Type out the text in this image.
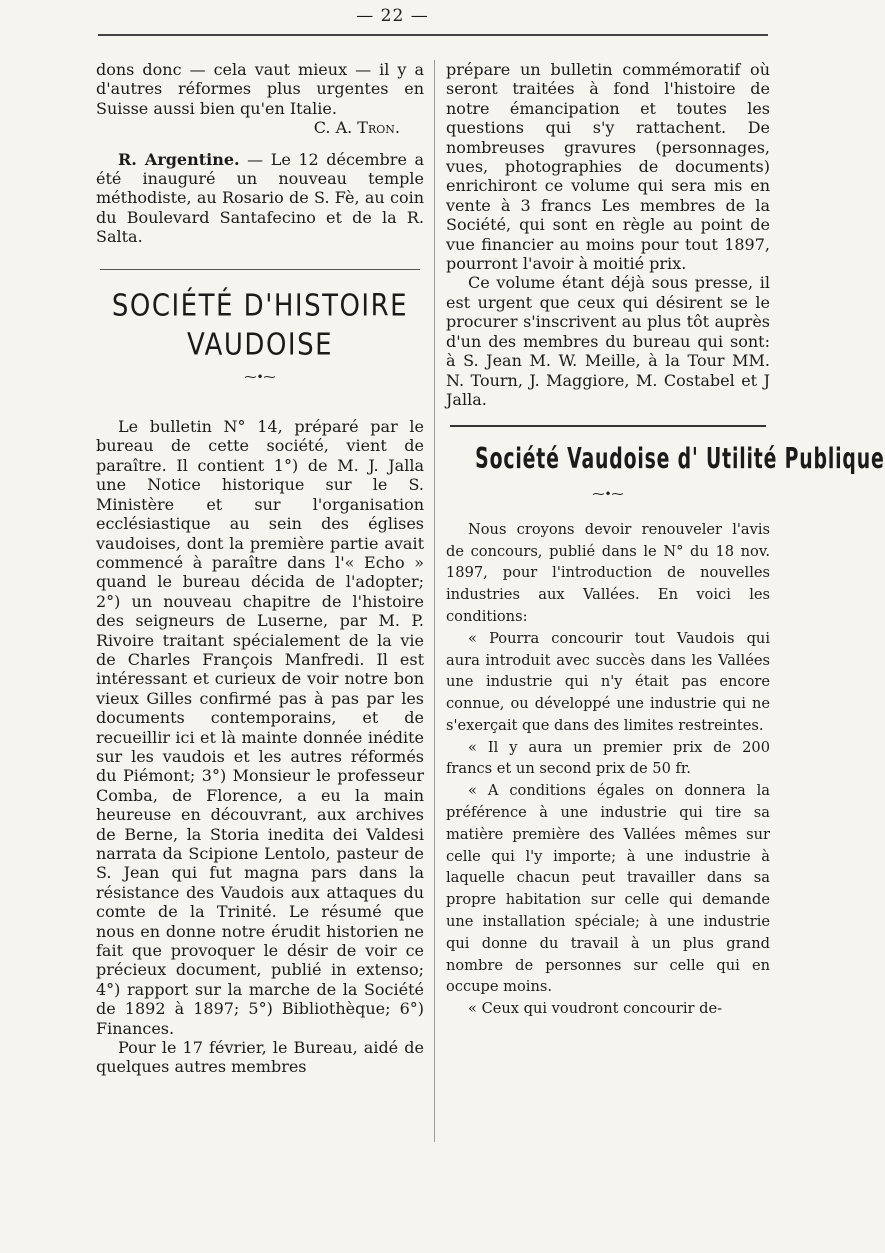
— 22 —

dons donc — cela vaut mieux — il y a d'autres réformes plus urgentes en Suisse aussi bien qu'en Italie.

C. A. Tron.

R. Argentine. — Le 12 décembre a été inauguré un nouveau temple méthodiste, au Rosario de S. Fè, au coin du Boulevard Santafecino et de la R. Salta.

SOCIÉTÉ D'HISTOIRE VAUDOISE
⁓•⁓

Le bulletin N° 14, préparé par le bureau de cette société, vient de paraître. Il contient 1°) de M. J. Jalla une Notice historique sur le S. Ministère et sur l'organisation ecclésiastique au sein des églises vaudoises, dont la première partie avait commencé à paraître dans l'« Echo » quand le bureau décida de l'adopter; 2°) un nouveau chapitre de l'histoire des seigneurs de Luserne, par M. P. Rivoire traitant spécialement de la vie de Charles François Manfredi. Il est intéressant et curieux de voir notre bon vieux Gilles confirmé pas à pas par les documents contemporains, et de recueillir ici et là mainte donnée inédite sur les vaudois et les autres réformés du Piémont; 3°) Monsieur le professeur Comba, de Florence, a eu la main heureuse en découvrant, aux archives de Berne, la Storia inedita dei Valdesi narrata da Scipione Lentolo, pasteur de S. Jean qui fut magna pars dans la résistance des Vaudois aux attaques du comte de la Trinité. Le résumé que nous en donne notre érudit historien ne fait que provoquer le désir de voir ce précieux document, publié in extenso; 4°) rapport sur la marche de la Société de 1892 à 1897; 5°) Bibliothèque; 6°) Finances.

Pour le 17 février, le Bureau, aidé de quelques autres membres

prépare un bulletin commémoratif où seront traitées à fond l'histoire de notre émancipation et toutes les questions qui s'y rattachent. De nombreuses gravures (personnages, vues, photographies de documents) enrichiront ce volume qui sera mis en vente à 3 francs Les membres de la Société, qui sont en règle au point de vue financier au moins pour tout 1897, pourront l'avoir à moitié prix.

Ce volume étant déjà sous presse, il est urgent que ceux qui désirent se le procurer s'inscrivent au plus tôt auprès d'un des membres du bureau qui sont: à S. Jean M. W. Meille, à la Tour MM. N. Tourn, J. Maggiore, M. Costabel et J Jalla.

Société Vaudoise d' Utilité Publique
⁓•⁓

Nous croyons devoir renouveler l'avis de concours, publié dans le N° du 18 nov. 1897, pour l'introduction de nouvelles industries aux Vallées. En voici les conditions:

« Pourra concourir tout Vaudois qui aura introduit avec succès dans les Vallées une industrie qui n'y était pas encore connue, ou développé une industrie qui ne s'exerçait que dans des limites restreintes.

« Il y aura un premier prix de 200 francs et un second prix de 50 fr.

« A conditions égales on donnera la préférence à une industrie qui tire sa matière première des Vallées mêmes sur celle qui l'y importe; à une industrie à laquelle chacun peut travailler dans sa propre habitation sur celle qui demande une installation spéciale; à une industrie qui donne du travail à un plus grand nombre de personnes sur celle qui en occupe moins.

« Ceux qui voudront concourir de-
